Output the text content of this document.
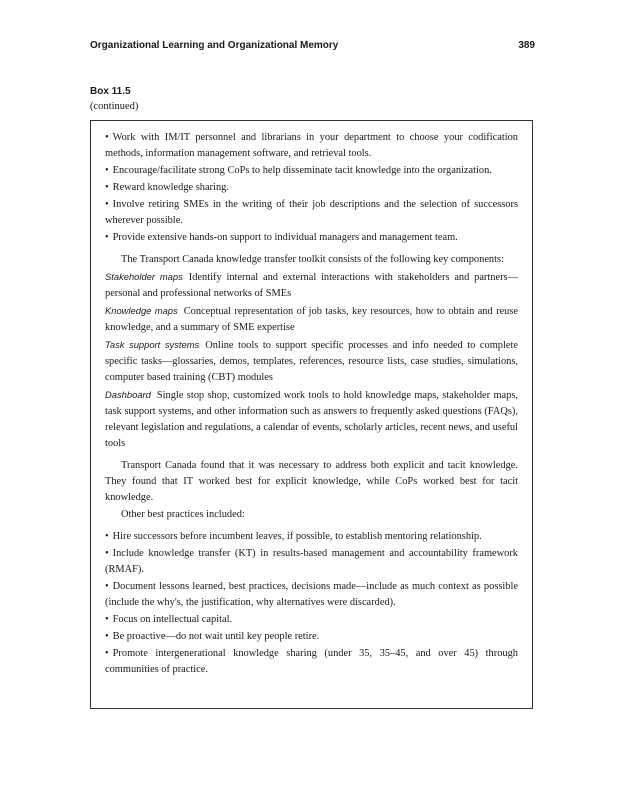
Organizational Learning and Organizational Memory	389
Box 11.5
(continued)

• Work with IM/IT personnel and librarians in your department to choose your codification methods, information management software, and retrieval tools.

• Encourage/facilitate strong CoPs to help disseminate tacit knowledge into the organization.

• Reward knowledge sharing.

• Involve retiring SMEs in the writing of their job descriptions and the selection of successors wherever possible.

• Provide extensive hands-on support to individual managers and management team.

The Transport Canada knowledge transfer toolkit consists of the following key components:

Stakeholder maps Identify internal and external interactions with stakeholders and partners—personal and professional networks of SMEs

Knowledge maps Conceptual representation of job tasks, key resources, how to obtain and reuse knowledge, and a summary of SME expertise

Task support systems Online tools to support specific processes and info needed to complete specific tasks—glossaries, demos, templates, references, resource lists, case studies, simulations, computer based training (CBT) modules

Dashboard Single stop shop, customized work tools to hold knowledge maps, stakeholder maps, task support systems, and other information such as answers to frequently asked questions (FAQs), relevant legislation and regulations, a calendar of events, scholarly articles, recent news, and useful tools

Transport Canada found that it was necessary to address both explicit and tacit knowledge. They found that IT worked best for explicit knowledge, while CoPs worked best for tacit knowledge.

Other best practices included:

• Hire successors before incumbent leaves, if possible, to establish mentoring relationship.

• Include knowledge transfer (KT) in results-based management and accountability framework (RMAF).

• Document lessons learned, best practices, decisions made—include as much context as possible (include the why's, the justification, why alternatives were discarded).

• Focus on intellectual capital.

• Be proactive—do not wait until key people retire.

• Promote intergenerational knowledge sharing (under 35, 35–45, and over 45) through communities of practice.
